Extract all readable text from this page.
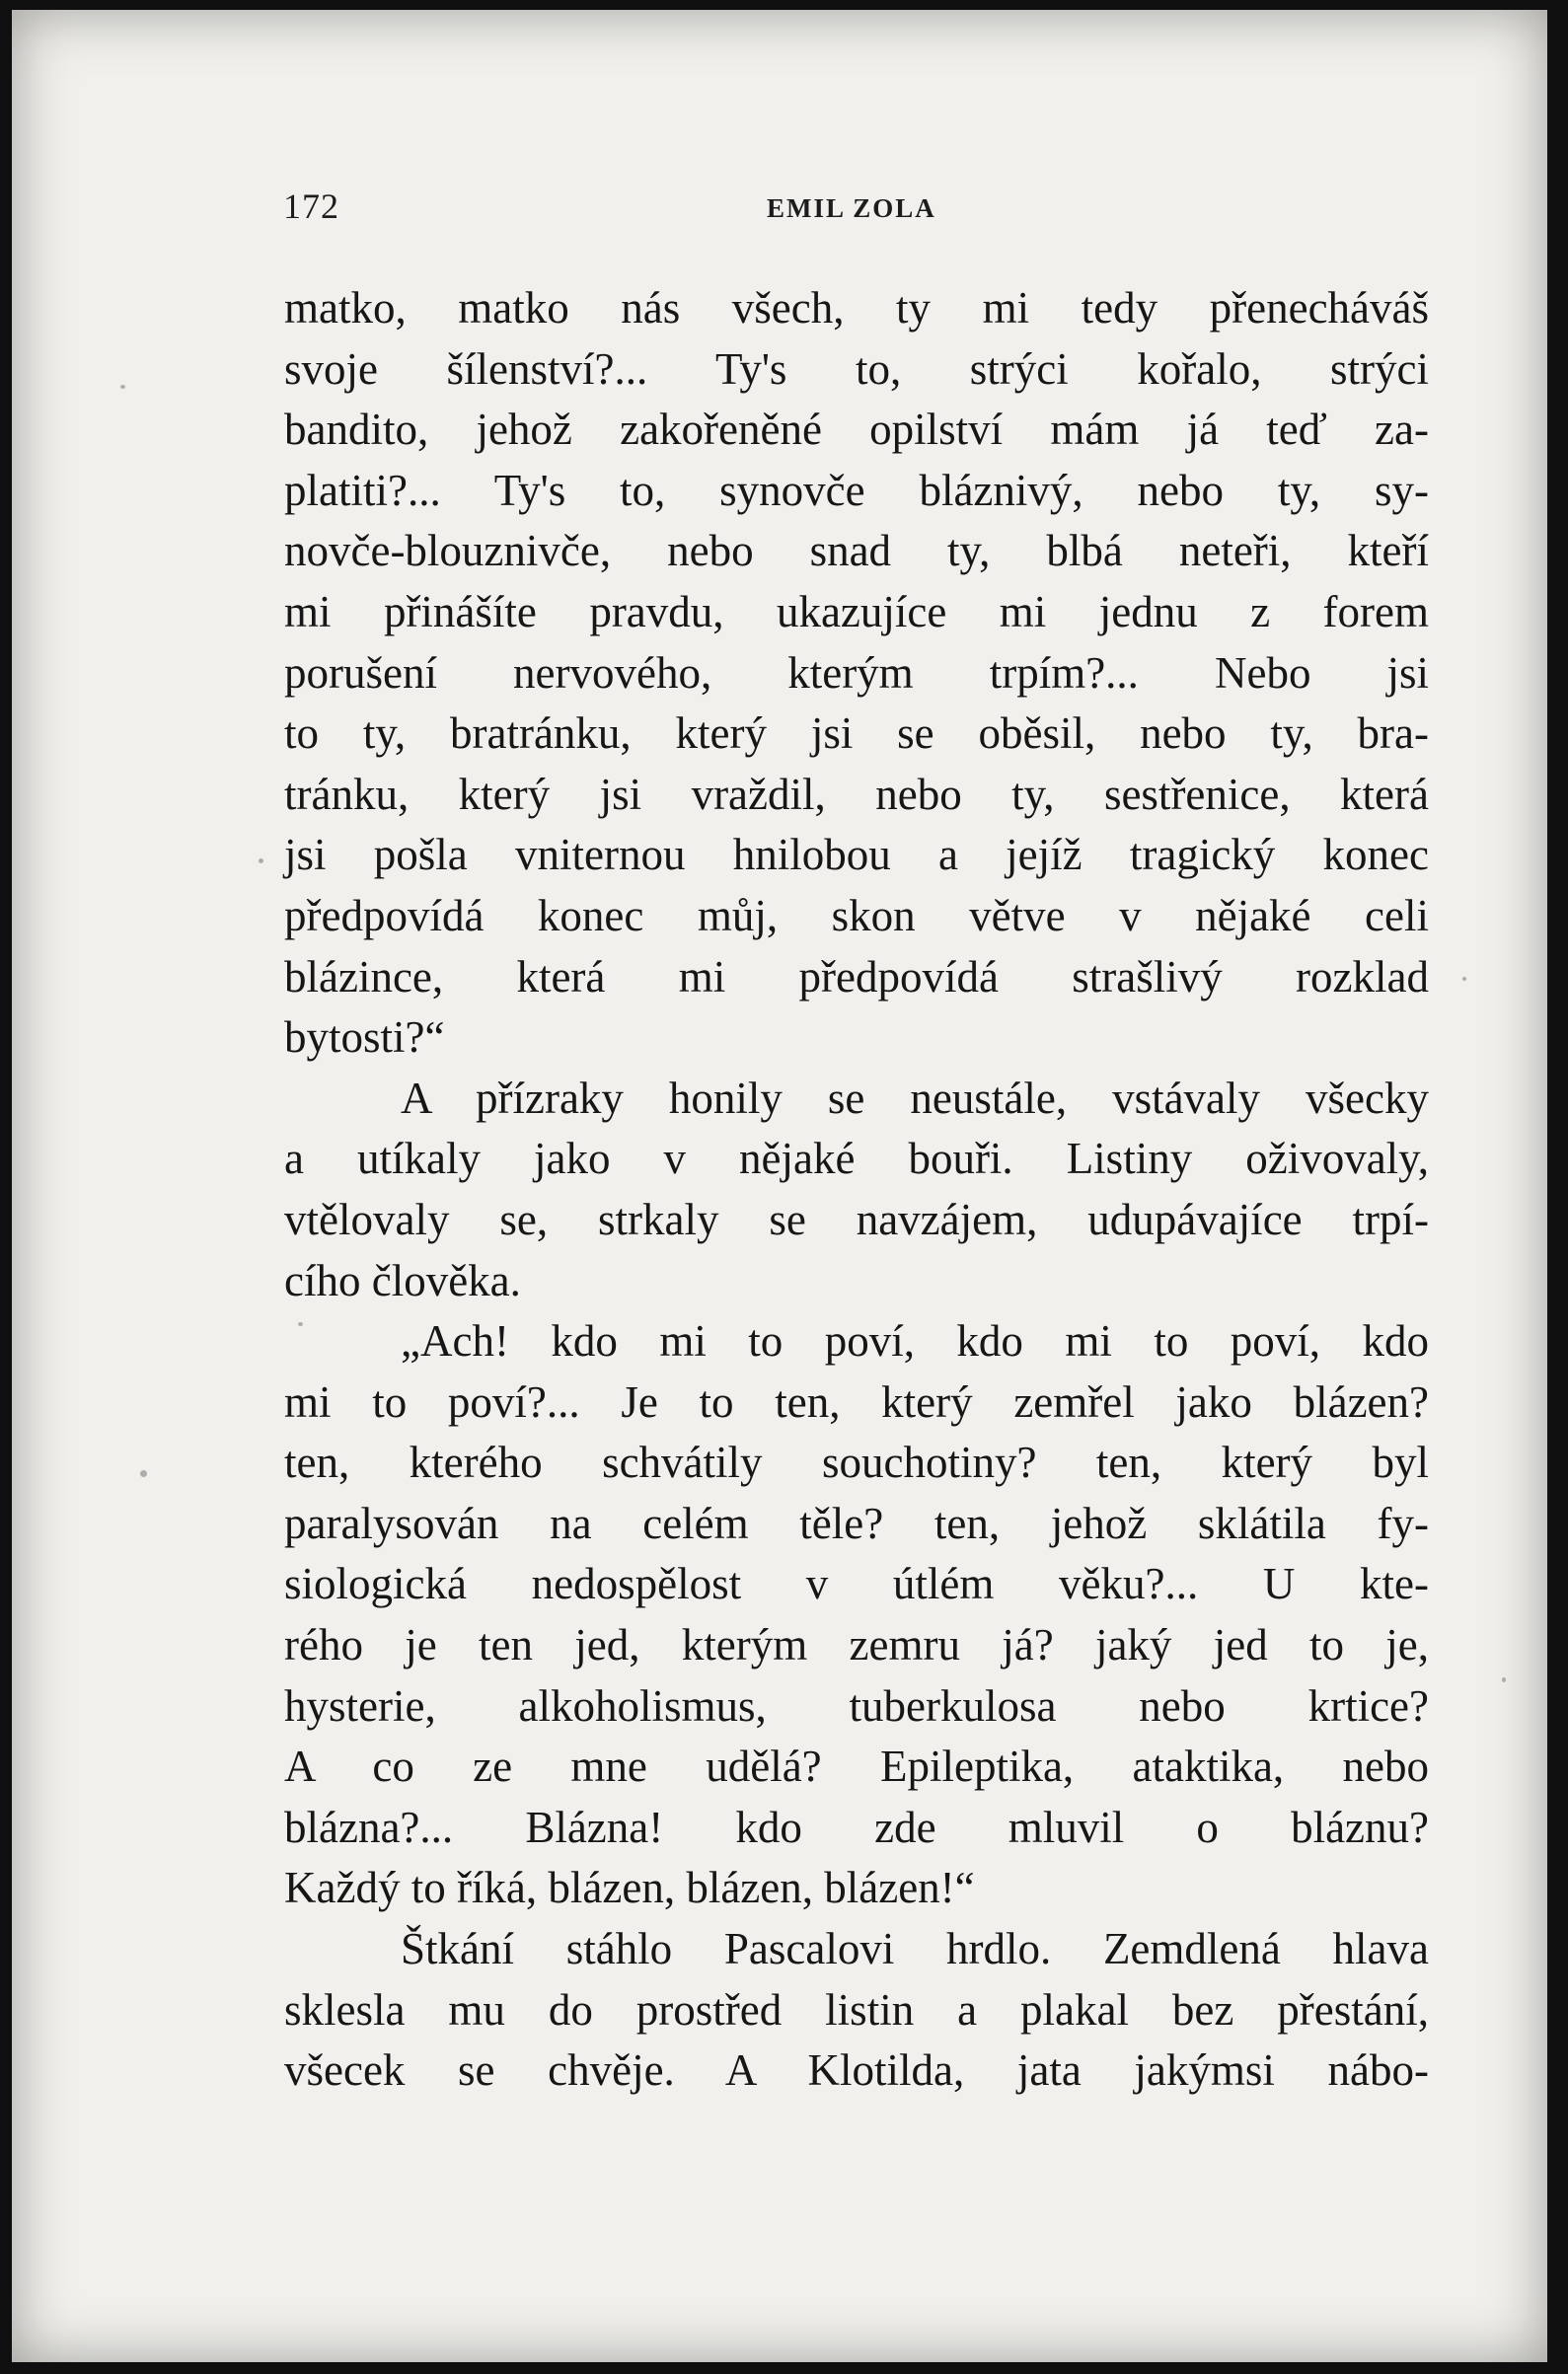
172	EMIL ZOLA
matko, matko nás všech, ty mi tedy přenecháváš
svoje šílenství?... Ty's to, strýci kořalo, strýci
bandito, jehož zakořeněné opilství mám já teď za-
platiti?... Ty's to, synovče bláznivý, nebo ty, sy-
novče-blouznivče, nebo snad ty, blbá neteři, kteří
mi přinášíte pravdu, ukazujíce mi jednu z forem
porušení nervového, kterým trpím?... Nebo jsi
to ty, bratránku, který jsi se oběsil, nebo ty, bra-
tránku, který jsi vraždil, nebo ty, sestřenice, která
jsi pošla vniternou hnilobou a jejíž tragický konec
předpovídá konec můj, skon větve v nějaké celi
blázince, která mi předpovídá strašlivý rozklad
bytosti?“
A přízraky honily se neustále, vstávaly všecky
a utíkaly jako v nějaké bouři. Listiny oživovaly,
vtělovaly se, strkaly se navzájem, udupávajíce trpí-
cího člověka.
„Ach! kdo mi to poví, kdo mi to poví, kdo
mi to poví?... Je to ten, který zemřel jako blázen?
ten, kterého schvátily souchotiny? ten, který byl
paralysován na celém těle? ten, jehož sklátila fy-
siologická nedospělost v útlém věku?... U kte-
rého je ten jed, kterým zemru já? jaký jed to je,
hysterie, alkoholismus, tuberkulosa nebo krtice?
A co ze mne udělá? Epileptika, ataktika, nebo
blázna?... Blázna! kdo zde mluvil o bláznu?
Každý to říká, blázen, blázen, blázen!“
Štkání stáhlo Pascalovi hrdlo. Zemdlená hlava
sklesla mu do prostřed listin a plakal bez přestání,
všecek se chvěje. A Klotilda, jata jakýmsi nábo-
